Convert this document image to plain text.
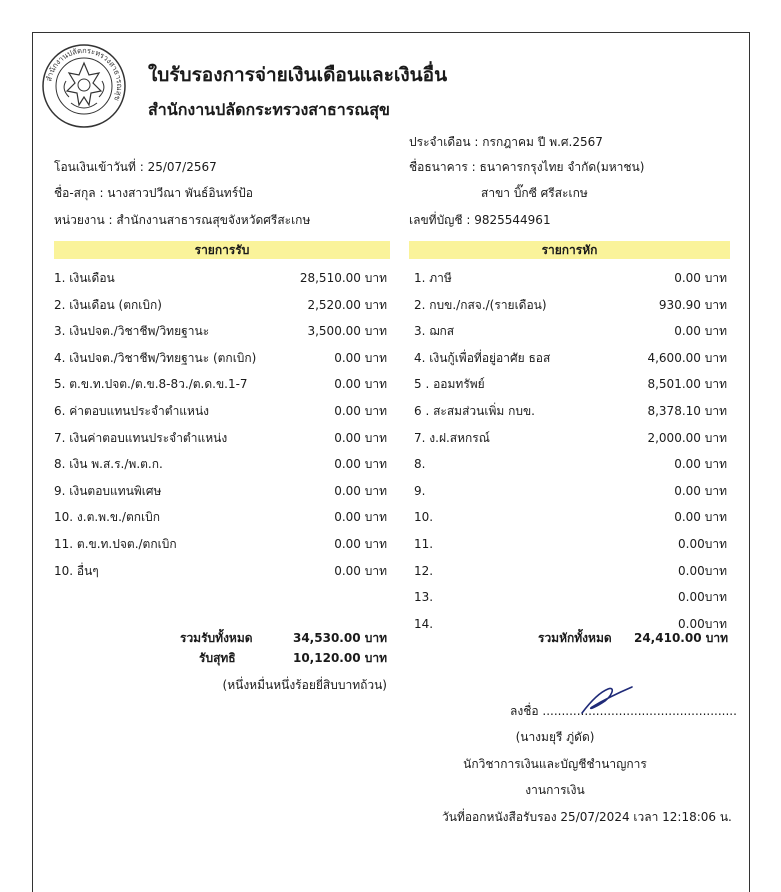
สำนักงานปลัดกระทรวงสาธารณสุข
ใบรับรองการจ่ายเงินเดือนและเงินอื่น
สำนักงานปลัดกระทรวงสาธารณสุข
ประจำเดือน : กรกฎาคม ปี พ.ศ.2567
โอนเงินเข้าวันที่ : 25/07/2567	ชื่อธนาคาร : ธนาคารกรุงไทย จำกัด(มหาชน)
ชื่อ-สกุล : นางสาวปวีณา พันธ์อินทร์ป้อ	สาขา บิ๊กซี ศรีสะเกษ
หน่วยงาน : สำนักงานสาธารณสุขจังหวัดศรีสะเกษ	เลขที่บัญชี : 9825544961
รายการรับ	รายการหัก
1. เงินเดือน	28,510.00 บาท
2. เงินเดือน (ตกเบิก)	2,520.00 บาท
3. เงินปจต./วิชาชีพ/วิทยฐานะ	3,500.00 บาท
4. เงินปจต./วิชาชีพ/วิทยฐานะ (ตกเบิก)	0.00 บาท
5. ต.ข.ท.ปจต./ต.ข.8-8ว./ต.ด.ข.1-7	0.00 บาท
6. ค่าตอบแทนประจำตำแหน่ง	0.00 บาท
7. เงินค่าตอบแทนประจำตำแหน่ง	0.00 บาท
8. เงิน พ.ส.ร./พ.ต.ก.	0.00 บาท
9. เงินตอบแทนพิเศษ	0.00 บาท
10. ง.ต.พ.ข./ตกเบิก	0.00 บาท
11. ต.ข.ท.ปจต./ตกเบิก	0.00 บาท
10. อื่นๆ	0.00 บาท
1. ภาษี	0.00 บาท
2. กบข./กสจ./(รายเดือน)	930.90 บาท
3. ฌกส	0.00 บาท
4. เงินกู้เพื่อที่อยู่อาศัย ธอส	4,600.00 บาท
5 . ออมทรัพย์	8,501.00 บาท
6 . สะสมส่วนเพิ่ม กบข.	8,378.10 บาท
7. ง.ฝ.สหกรณ์	2,000.00 บาท
8.	0.00 บาท
9.	0.00 บาท
10.	0.00 บาท
11.	0.00บาท
12.	0.00บาท
13.	0.00บาท
14.	0.00บาท
รวมรับทั้งหมด	34,530.00 บาท
รับสุทธิ	10,120.00 บาท
(หนึ่งหมื่นหนึ่งร้อยยี่สิบบาทถ้วน)
รวมหักทั้งหมด 24,410.00 บาท
ลงชื่อ ...................................................
(นางมยุรี ภู่ดัด)
นักวิชาการเงินและบัญชีชำนาญการ
งานการเงิน
วันที่ออกหนังสือรับรอง 25/07/2024 เวลา 12:18:06 น.
